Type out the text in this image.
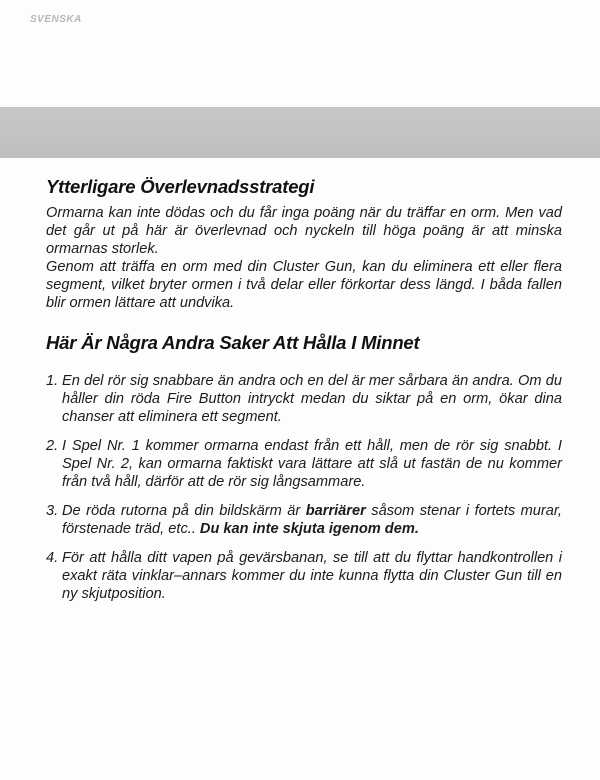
SVENSKA
Ytterligare Överlevnadsstrategi

Ormarna kan inte dödas och du får inga poäng när du träffar en orm. Men vad det går ut på här är överlevnad och nyckeln till höga poäng är att minska ormarnas storlek.

Genom att träffa en orm med din Cluster Gun, kan du eliminera ett eller flera segment, vilket bryter ormen i två delar eller förkortar dess längd. I båda fallen blir ormen lättare att undvika.

Här Är Några Andra Saker Att Hålla I Minnet
1. En del rör sig snabbare än andra och en del är mer sårbara än andra. Om du håller din röda Fire Button intryckt medan du siktar på en orm, ökar dina chanser att eliminera ett segment.
2. I Spel Nr. 1 kommer ormarna endast från ett håll, men de rör sig snabbt. I Spel Nr. 2, kan ormarna faktiskt vara lättare att slå ut fastän de nu kommer från två håll, därför att de rör sig långsammare.
3. De röda rutorna på din bildskärm är barriärer såsom stenar i fortets murar, förstenade träd, etc.. Du kan inte skjuta igenom dem.
4. För att hålla ditt vapen på gevärsbanan, se till att du flyttar handkontrollen i exakt räta vinklar–annars kommer du inte kunna flytta din Cluster Gun till en ny skjutposition.
